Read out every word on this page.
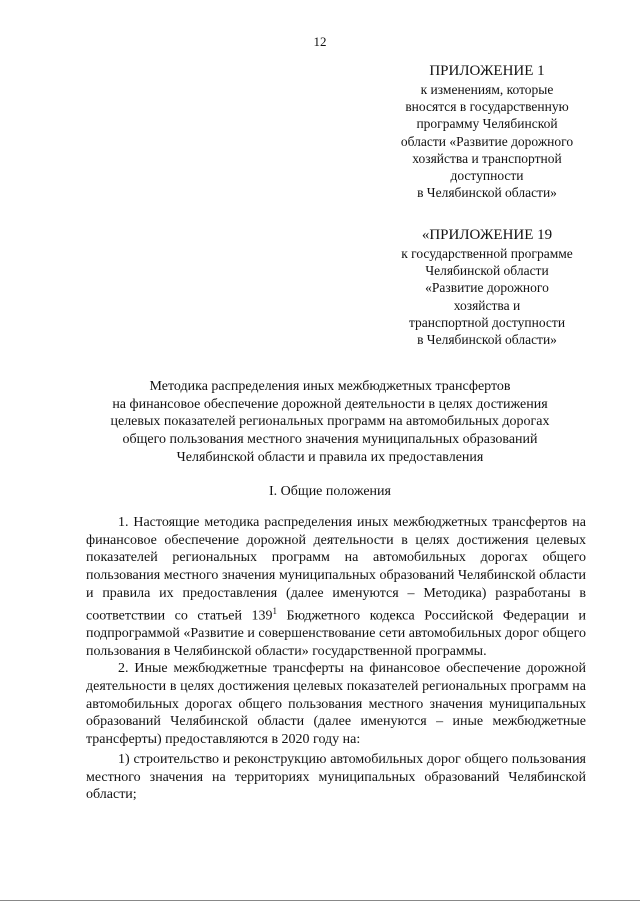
12
ПРИЛОЖЕНИЕ 1
к изменениям, которые
вносятся в государственную
программу Челябинской
области «Развитие дорожного
хозяйства и транспортной
доступности
в Челябинской области»
«ПРИЛОЖЕНИЕ 19
к государственной программе
Челябинской области
«Развитие дорожного
хозяйства и
транспортной доступности
в Челябинской области»
Методика распределения иных межбюджетных трансфертов
на финансовое обеспечение дорожной деятельности в целях достижения
целевых показателей региональных программ на автомобильных дорогах
общего пользования местного значения муниципальных образований
Челябинской области и правила их предоставления
I. Общие положения

1. Настоящие методика распределения иных межбюджетных трансфертов на финансовое обеспечение дорожной деятельности в целях достижения целевых показателей региональных программ на автомобильных дорогах общего пользования местного значения муниципальных образований Челябинской области и правила их предоставления (далее именуются – Методика) разработаны в соответствии со статьей $139^1$ Бюджетного кодекса Российской Федерации и подпрограммой «Развитие и совершенствование сети автомобильных дорог общего пользования в Челябинской области» государственной программы.

2. Иные межбюджетные трансферты на финансовое обеспечение дорожной деятельности в целях достижения целевых показателей региональных программ на автомобильных дорогах общего пользования местного значения муниципальных образований Челябинской области (далее именуются – иные межбюджетные трансферты) предоставляются в 2020 году на:

1) строительство и реконструкцию автомобильных дорог общего пользования местного значения на территориях муниципальных образований Челябинской области;
